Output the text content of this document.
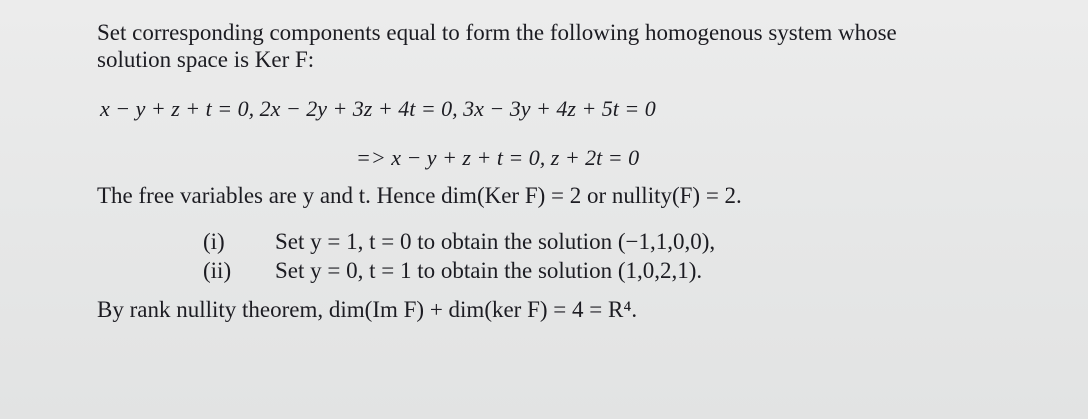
Set corresponding components equal to form the following homogenous system whose
solution space is Ker F:
x − y + z + t = 0, 2x − 2y + 3z + 4t = 0, 3x − 3y + 4z + 5t = 0
=> x − y + z + t = 0, z + 2t = 0
The free variables are y and t. Hence dim(Ker F) = 2 or nullity(F) = 2.
(i) Set y = 1, t = 0 to obtain the solution (−1,1,0,0),
(ii) Set y = 0, t = 1 to obtain the solution (1,0,2,1).
By rank nullity theorem, dim(Im F) + dim(ker F) = 4 = R⁴.
